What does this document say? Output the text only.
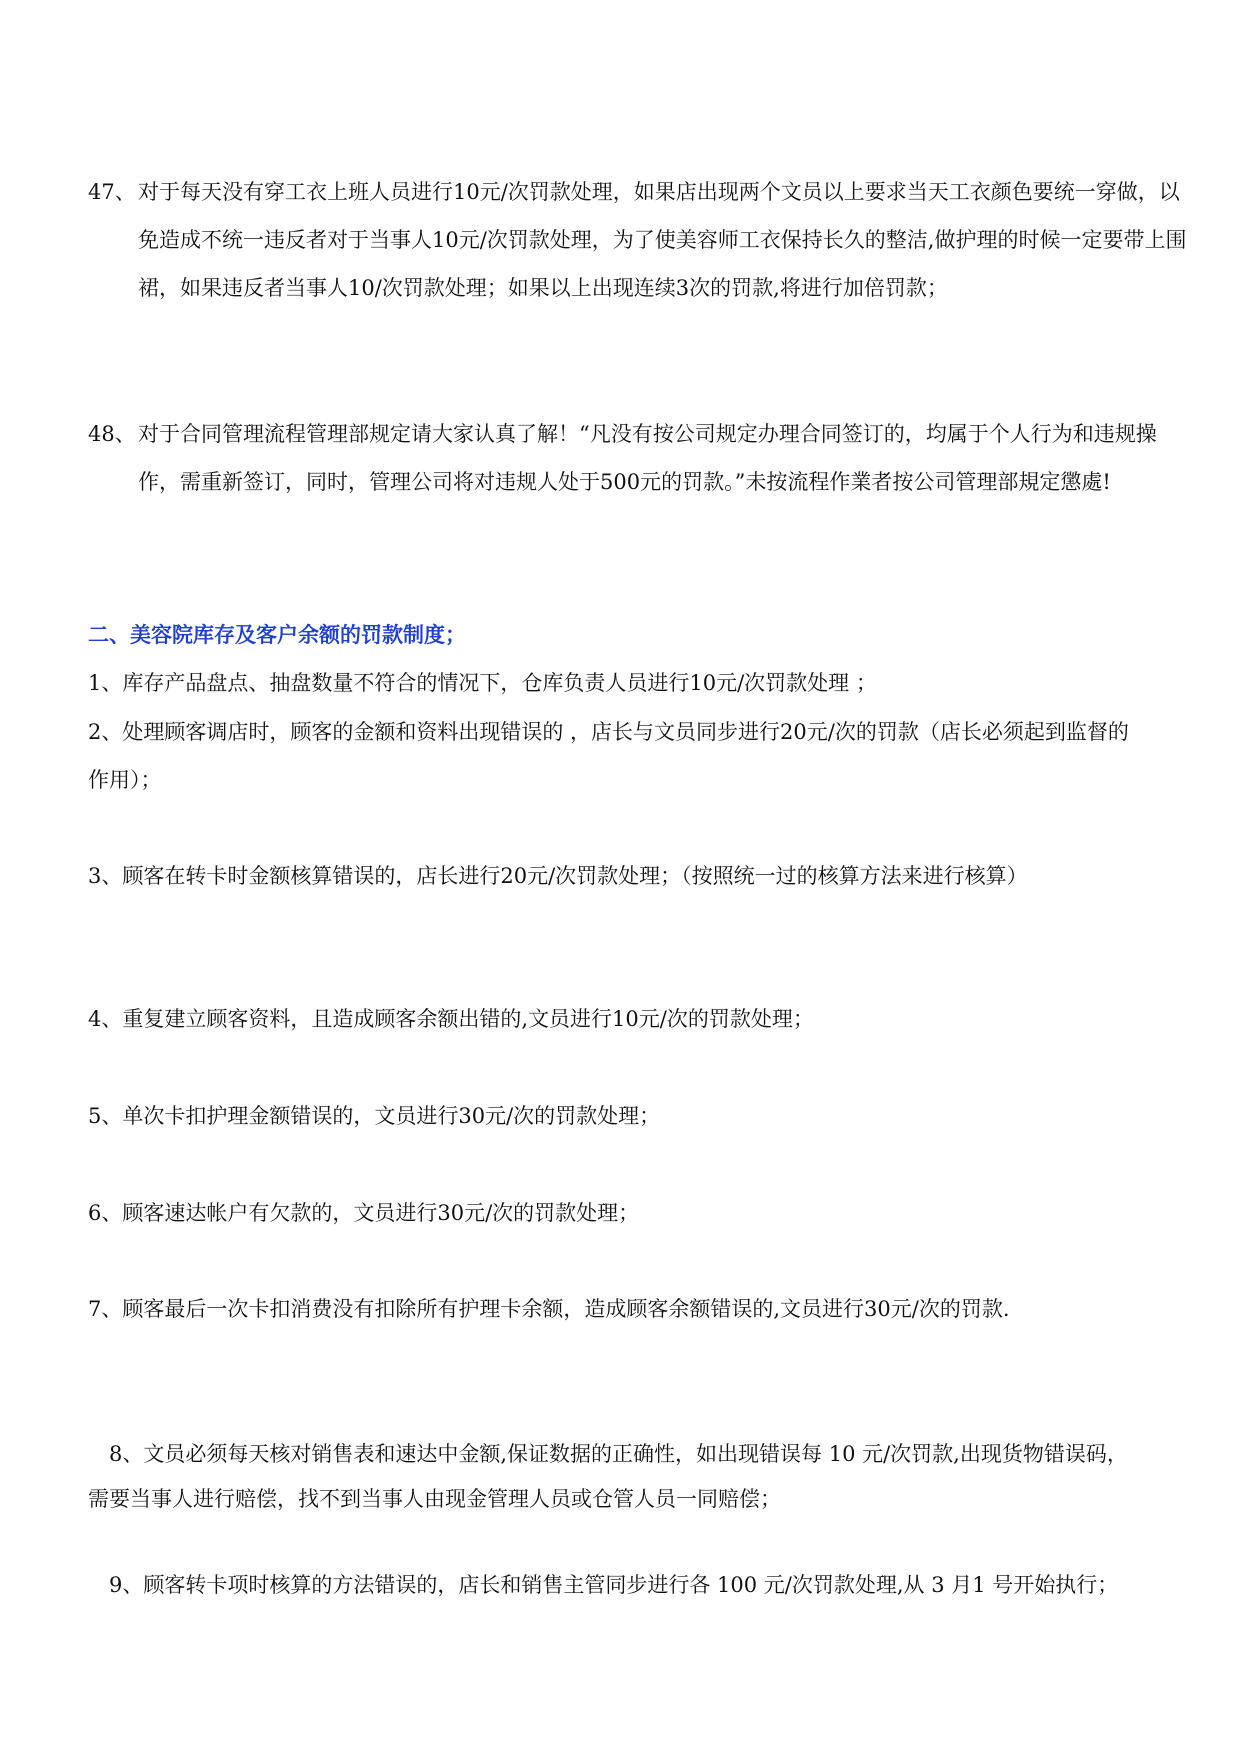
47、 对于每天没有穿工衣上班人员进行10元/次罚款处理，如果店出现两个文员以上要求当天工衣颜色要统一穿做，以免造成不统一违反者对于当事人10元/次罚款处理，为了使美容师工衣保持长久的整洁,做护理的时候一定要带上围裙，如果违反者当事人10/次罚款处理；如果以上出现连续3次的罚款,将进行加倍罚款；
48、 对于合同管理流程管理部规定请大家认真了解！“凡没有按公司规定办理合同签订的，均属于个人行为和违规操作，需重新签订，同时，管理公司将对违规人处于500元的罚款。”未按流程作業者按公司管理部規定懲處!
二、美容院库存及客户余额的罚款制度；
1、库存产品盘点、抽盘数量不符合的情况下，仓库负责人员进行10元/次罚款处理 ；
2、处理顾客调店时，顾客的金额和资料出现错误的 ，店长与文员同步进行20元/次的罚款（店长必须起到监督的作用）；
3、顾客在转卡时金额核算错误的，店长进行20元/次罚款处理；（按照统一过的核算方法来进行核算）
4、重复建立顾客资料，且造成顾客余额出错的,文员进行10元/次的罚款处理；
5、单次卡扣护理金额错误的，文员进行30元/次的罚款处理；
6、顾客速达帐户有欠款的，文员进行30元/次的罚款处理；
7、顾客最后一次卡扣消费没有扣除所有护理卡余额，造成顾客余额错误的,文员进行30元/次的罚款.
　8、文员必须每天核对销售表和速达中金额,保证数据的正确性，如出现错误每 10 元/次罚款,出现货物错误码，需要当事人进行赔偿，找不到当事人由现金管理人员或仓管人员一同赔偿；
　9、顾客转卡项时核算的方法错误的，店长和销售主管同步进行各 100 元/次罚款处理,从 3 月1 号开始执行；
